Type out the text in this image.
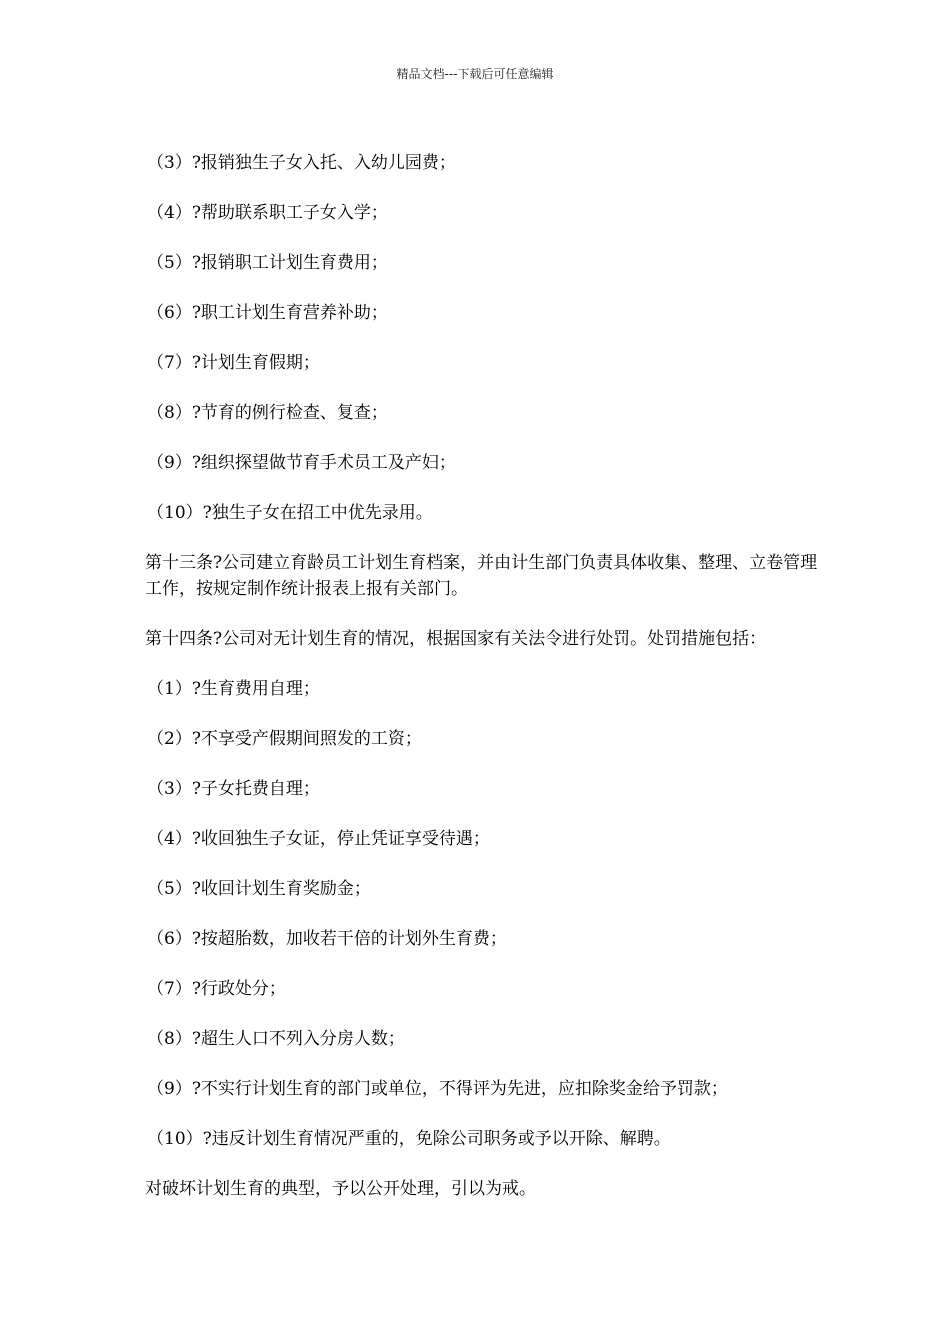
精品文档---下载后可任意编辑
（3）?报销独生子女入托、入幼儿园费；
（4）?帮助联系职工子女入学；
（5）?报销职工计划生育费用；
（6）?职工计划生育营养补助；
（7）?计划生育假期；
（8）?节育的例行检查、复查；
（9）?组织探望做节育手术员工及产妇；
（10）?独生子女在招工中优先录用。
第十三条?公司建立育龄员工计划生育档案，并由计生部门负责具体收集、整理、立卷管理工作，按规定制作统计报表上报有关部门。
第十四条?公司对无计划生育的情况，根据国家有关法令进行处罚。处罚措施包括：
（1）?生育费用自理；
（2）?不享受产假期间照发的工资；
（3）?子女托费自理；
（4）?收回独生子女证，停止凭证享受待遇；
（5）?收回计划生育奖励金；
（6）?按超胎数，加收若干倍的计划外生育费；
（7）?行政处分；
（8）?超生人口不列入分房人数；
（9）?不实行计划生育的部门或单位，不得评为先进，应扣除奖金给予罚款；
（10）?违反计划生育情况严重的，免除公司职务或予以开除、解聘。
对破坏计划生育的典型，予以公开处理，引以为戒。
